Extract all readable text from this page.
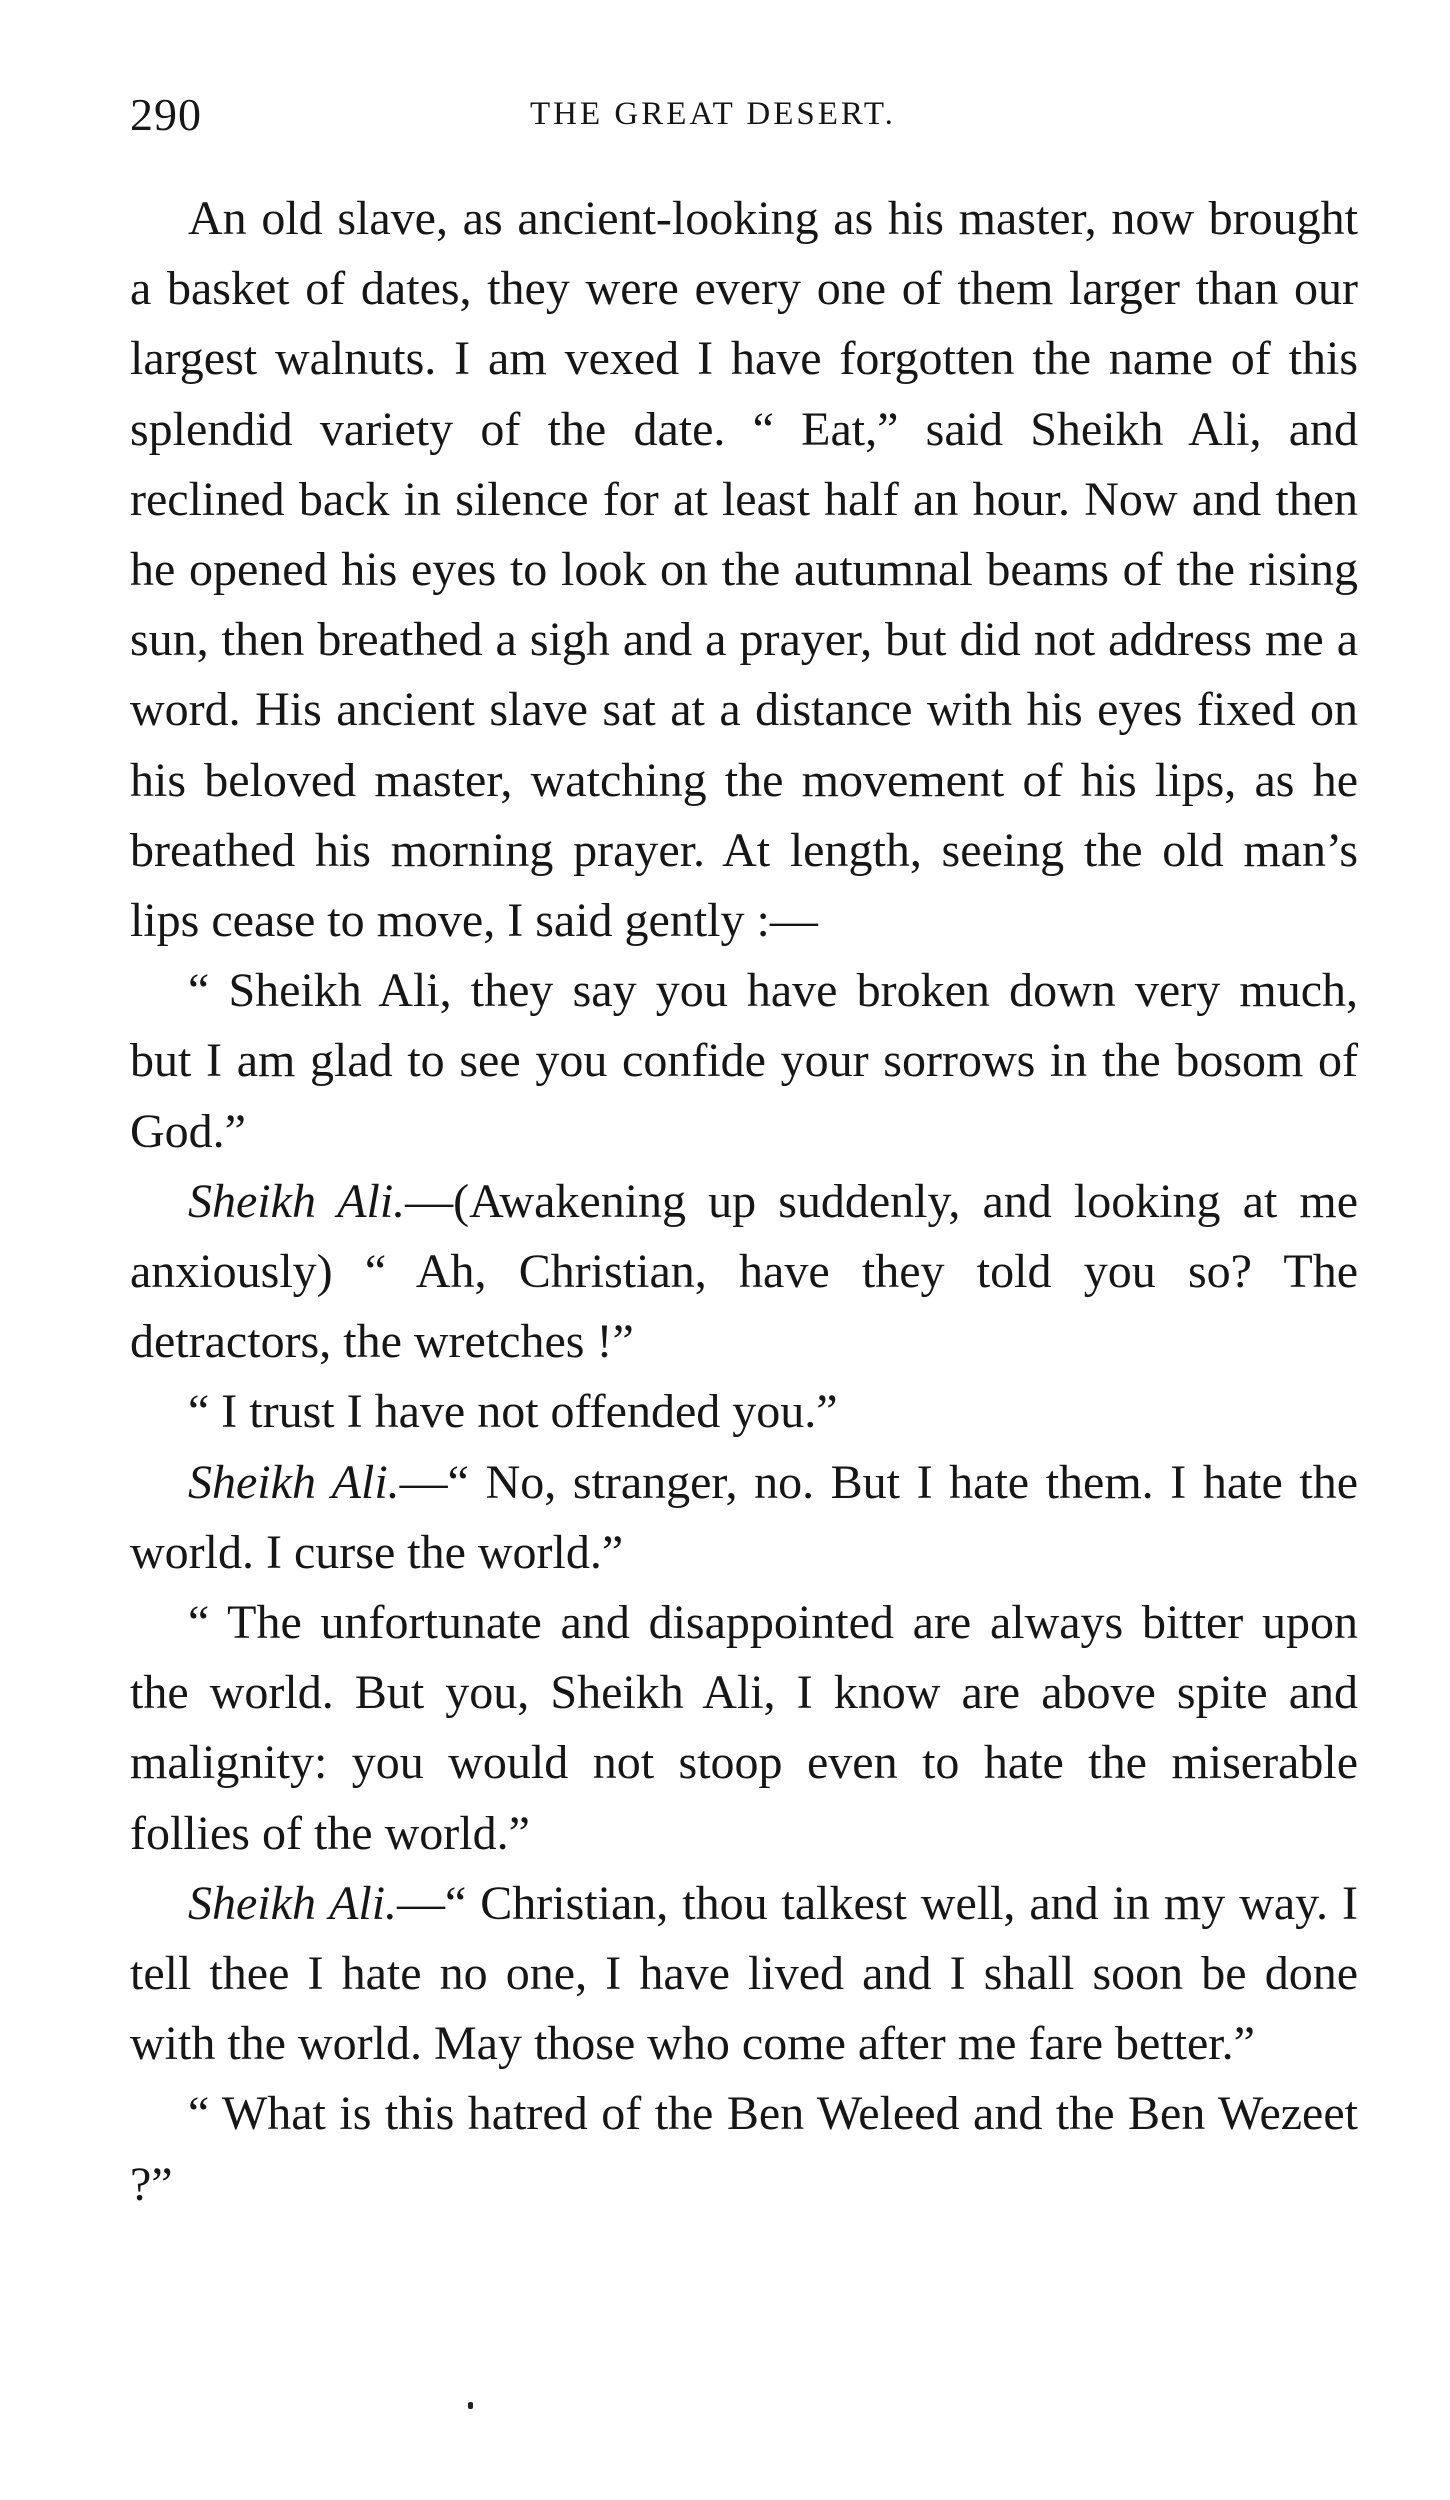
290	THE GREAT DESERT.

An old slave, as ancient-looking as his master, now brought a basket of dates, they were every one of them larger than our largest walnuts. I am vexed I have forgotten the name of this splendid variety of the date. “ Eat,” said Sheikh Ali, and reclined back in silence for at least half an hour. Now and then he opened his eyes to look on the autumnal beams of the rising sun, then breathed a sigh and a prayer, but did not address me a word. His ancient slave sat at a distance with his eyes fixed on his beloved master, watching the movement of his lips, as he breathed his morning prayer. At length, seeing the old man’s lips cease to move, I said gently :—

“ Sheikh Ali, they say you have broken down very much, but I am glad to see you confide your sorrows in the bosom of God.”

Sheikh Ali.—(Awakening up suddenly, and looking at me anxiously) “ Ah, Christian, have they told you so? The detractors, the wretches !”

“ I trust I have not offended you.”

Sheikh Ali.—“ No, stranger, no. But I hate them. I hate the world. I curse the world.”

“ The unfortunate and disappointed are always bitter upon the world. But you, Sheikh Ali, I know are above spite and malignity: you would not stoop even to hate the miserable follies of the world.”

Sheikh Ali.—“ Christian, thou talkest well, and in my way. I tell thee I hate no one, I have lived and I shall soon be done with the world. May those who come after me fare better.”

“ What is this hatred of the Ben Weleed and the Ben Wezeet ?”
